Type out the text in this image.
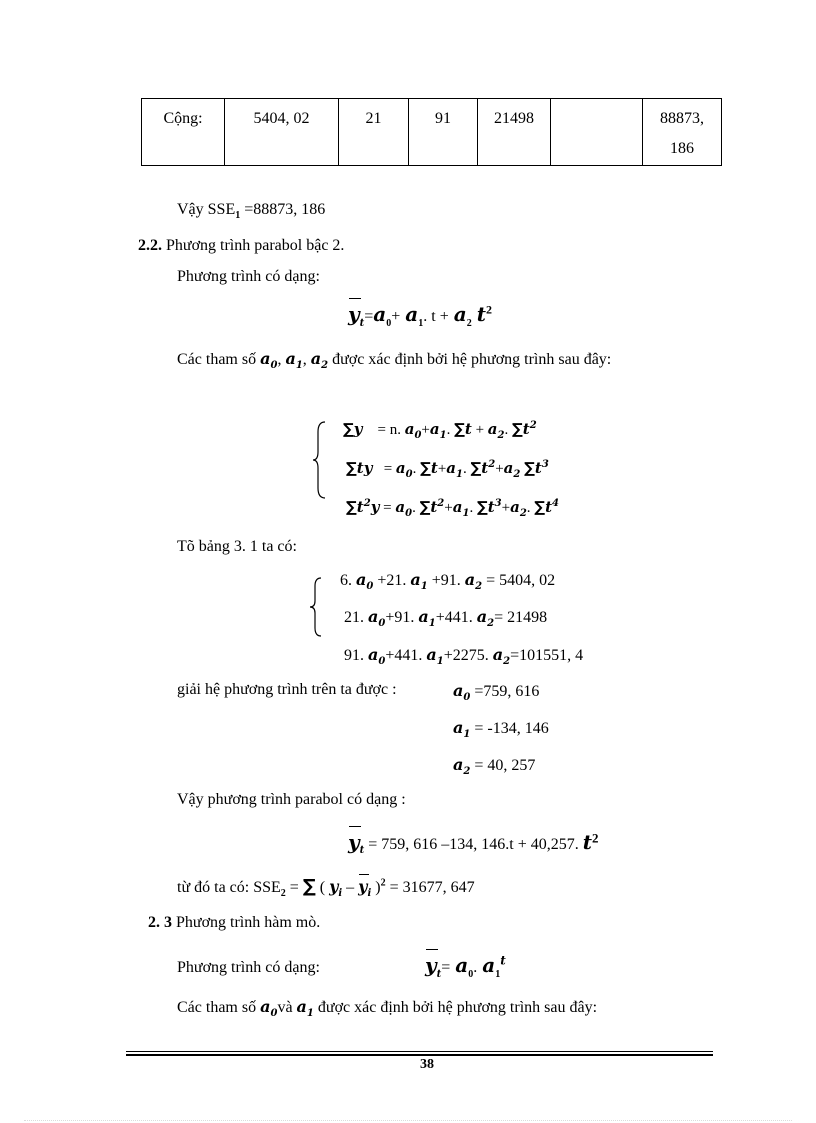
Cộng:	5404, 02	21	91	21498		88873,
186
Vậy $SSE_1 =88873$, 186
2.2. Phương trình parabol bậc 2.
Phương trình có dạng:
$y_t=a_0+ a_1$. $t + a_2$ $t^2$
Các tham số $a_0$, $a_1$, $a_2$ được xác định bởi hệ phương trình sau đây:
∑y = n. $a_0+a_1$. $\sum t + a_2$. $\sum t^2$
$\sum ty = a_0$. $\sum t+a_1$. $\sum t^2+a_2$ $\sum t^3$
$\sum t^2y = a_0$. $\sum t^2+a_1$. $\sum t^3+a_2$. $\sum t^4$
Tõ bảng 3. 1 ta có:
6. $a_0 +21$. $a_1 +91$. $a_2 = 5404$, 02
21. $a_0+91$. $a_1+441$. $a_2= 21498$
91. $a_0+441$. $a_1+2275$. $a_2=101551$, 4
giải hệ phương trình trên ta được :	$a_0 =759$, 616
$a_1 = -134$, 146
$a_2 = 40$, 257
Vậy phương trình parabol có dạng :
$y_t = 759$, 616 –134, 146.t + 40,257. $t^2$
từ đó ta có: $SSE_2$ = ∑ ( $y_i$ –
$y_i$ )$^2$ = 31677, 647
2. 3 Phương trình hàm mò.
Phương trình có dạng:	$y_t= a_0$. $a_1^t$
Các tham số $a_0và$ $a_1$ được xác định bởi hệ phương trình sau đây:
38
